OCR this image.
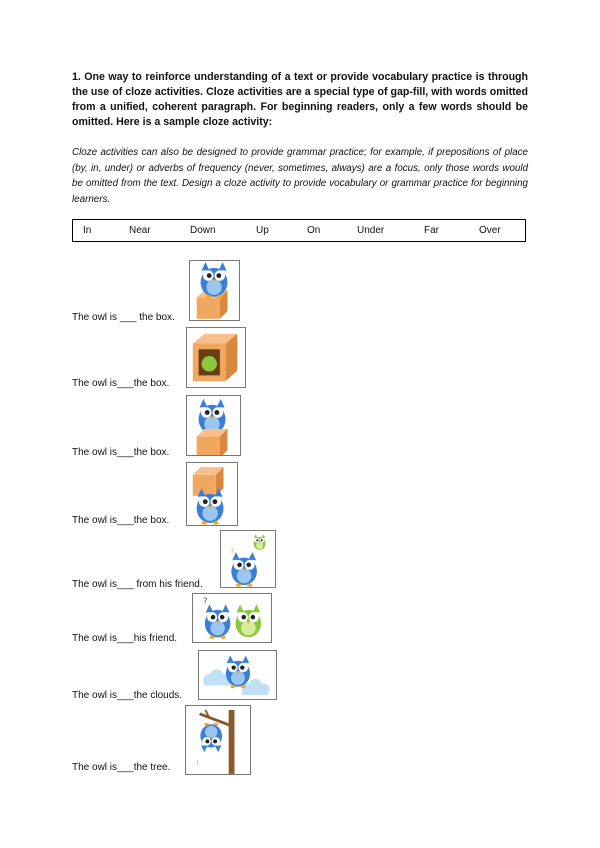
1. One way to reinforce understanding of a text or provide vocabulary practice is through the use of cloze activities. Cloze activities are a special type of gap-fill, with words omitted from a unified, coherent paragraph. For beginning readers, only a few words should be omitted. Here is a sample cloze activity:
Cloze activities can also be designed to provide grammar practice; for example, if prepositions of place (by, in, under) or adverbs of frequency (never, sometimes, always) are a focus, only those words would be omitted from the text. Design a cloze activity to provide vocabulary or grammar practice for beginning learners.
In	Near	Down	Up	On	Under	Far	Over
The owl is ___ the box.
The owl is___the box.
The owl is___the box.
The owl is___the box.
The owl is___ from his friend.
!
The owl is___his friend.
?
The owl is___the clouds.
The owl is___the tree.	!
